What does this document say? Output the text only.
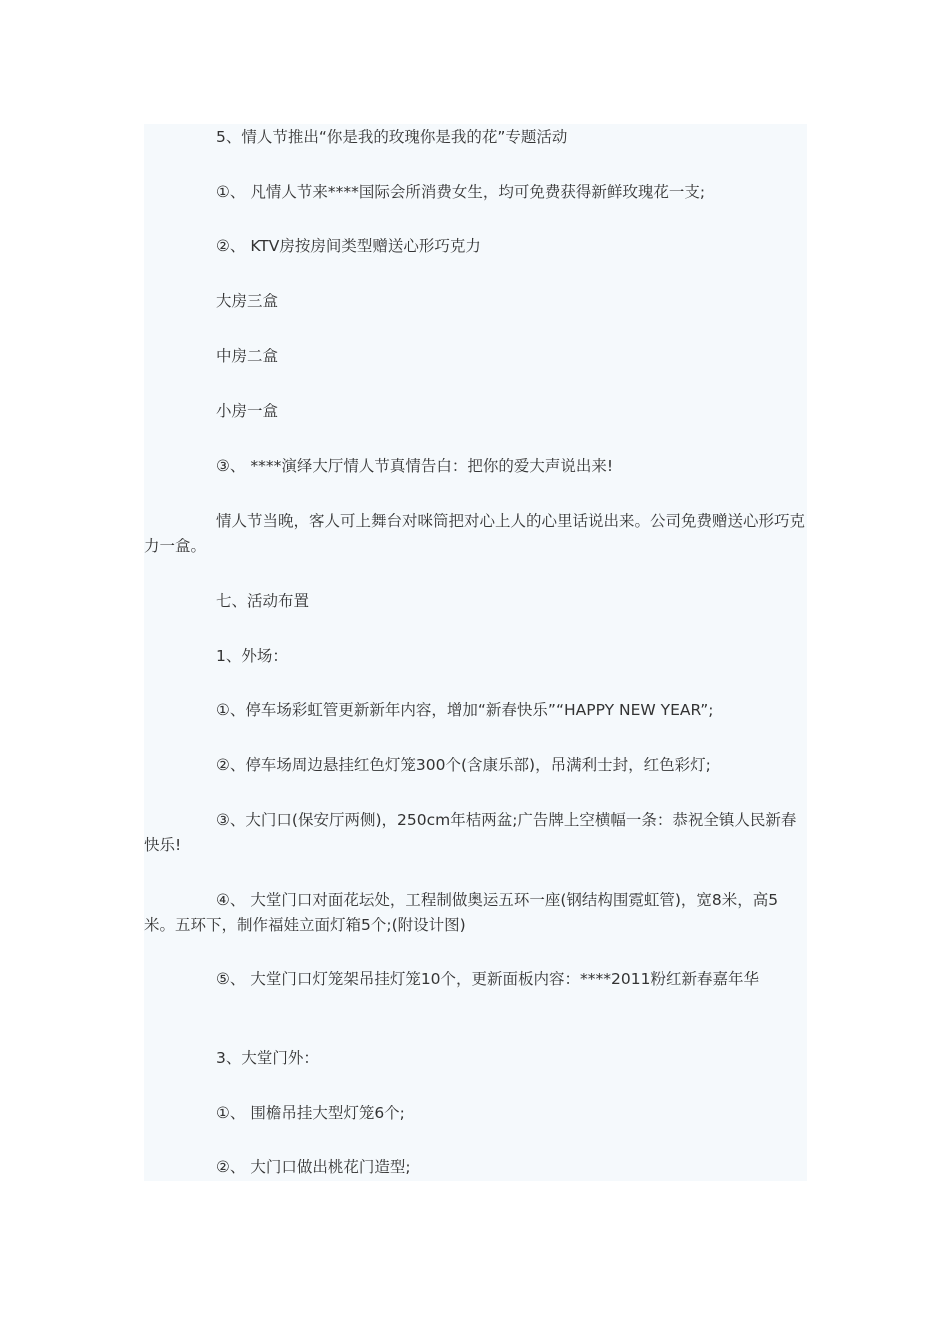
5、情人节推出“你是我的玫瑰你是我的花”专题活动

①、 凡情人节来****国际会所消费女生，均可免费获得新鲜玫瑰花一支;

②、 KTV房按房间类型赠送心形巧克力

大房三盒

中房二盒

小房一盒

③、 ****演绎大厅情人节真情告白：把你的爱大声说出来!

情人节当晚，客人可上舞台对咪筒把对心上人的心里话说出来。公司免费赠送心形巧克力一盒。

七、活动布置

1、外场：

①、停车场彩虹管更新新年内容，增加“新春快乐”“HAPPY NEW YEAR”;

②、停车场周边悬挂红色灯笼300个(含康乐部)，吊满利士封，红色彩灯;

③、大门口(保安厅两侧)，250cm年桔两盆;广告牌上空横幅一条：恭祝全镇人民新春快乐!

④、 大堂门口对面花坛处，工程制做奥运五环一座(钢结构围霓虹管)，宽8米，高5米。五环下，制作福娃立面灯箱5个;(附设计图)

⑤、 大堂门口灯笼架吊挂灯笼10个，更新面板内容：****2011粉红新春嘉年华

3、大堂门外：

①、 围檐吊挂大型灯笼6个;

②、 大门口做出桃花门造型;
